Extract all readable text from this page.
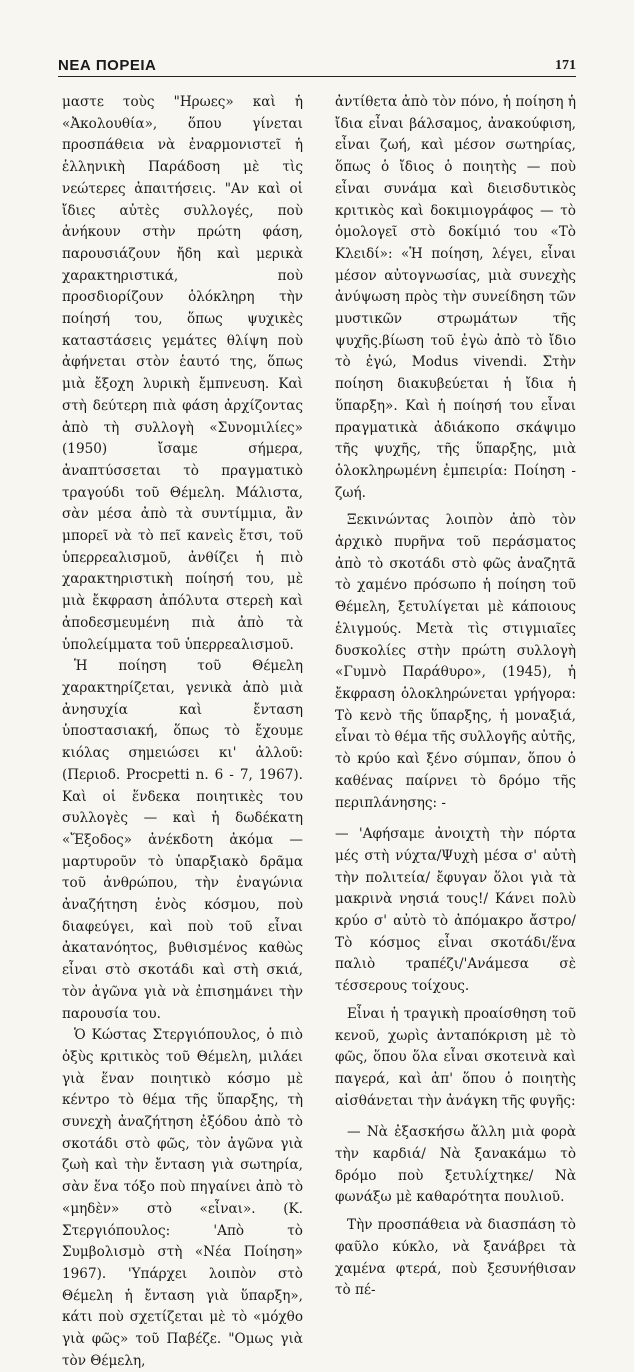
ΝΕΑ ΠΟΡΕΙΑ	171

μαστε τοὺς "Ηρωες» καὶ ἡ «Ἀκολουθία», ὅπου γίνεται προσπάθεια νὰ ἐναρμονιστεῖ ἡ ἑλληνικὴ Παράδοση μὲ τὶς νεώτερες ἀπαιτήσεις. "Αν καὶ οἱ ἴδιες αὐτὲς συλλογές, ποὺ ἀνήκουν στὴν πρώτη φάση, παρουσιάζουν ἤδη καὶ μερικὰ χαρακτηριστικά, ποὺ προσδιορίζουν ὁλόκληρη τὴν ποίησή του, ὅπως ψυχικὲς καταστάσεις γεμάτες θλίψη ποὺ ἀφήνεται στὸν ἑαυτό της, ὅπως μιὰ ἔξοχη λυρικὴ ἔμπνευση. Καὶ στὴ δεύτερη πιὰ φάση ἀρχίζοντας ἀπὸ τὴ συλλογὴ «Συνομιλίες» (1950) ἴσαμε σήμερα, ἀναπτύσσεται τὸ πραγματικὸ τραγούδι τοῦ Θέμελη. Μάλιστα, σὰν μέσα ἀπὸ τὰ συντίμμια, ἂν μπορεῖ νὰ τὸ πεῖ κανεὶς ἔτσι, τοῦ ὑπερρεαλισμοῦ, ἀνθίζει ἡ πιὸ χαρακτηριστικὴ ποίησή του, μὲ μιὰ ἔκφραση ἀπόλυτα στερεὴ καὶ ἀποδεσμευμένη πιὰ ἀπὸ τὰ ὑπολείμματα τοῦ ὑπερρεαλισμοῦ.

Ἡ ποίηση τοῦ Θέμελη χαρακτηρίζεται, γενικὰ ἀπὸ μιὰ ἀνησυχία καὶ ἔνταση ὑποστασιακή, ὅπως τὸ ἔχουμε κιόλας σημειώσει κι' ἀλλοῦ: (Περιοδ. Procpetti n. 6 - 7, 1967). Καὶ οἱ ἕνδεκα ποιητικὲς του συλλογὲς — καὶ ἡ δωδέκατη «Ἔξοδος» ἀνέκδοτη ἀκόμα — μαρτυροῦν τὸ ὑπαρξιακὸ δρᾶμα τοῦ ἀνθρώπου, τὴν ἐναγώνια ἀναζήτηση ἑνὸς κόσμου, ποὺ διαφεύγει, καὶ ποὺ τοῦ εἶναι ἀκατανόητος, βυθισμένος καθὼς εἶναι στὸ σκοτάδι καὶ στὴ σκιά, τὸν ἀγῶνα γιὰ νὰ ἐπισημάνει τὴν παρουσία του.

Ὁ Κώστας Στεργιόπουλος, ὁ πιὸ ὀξὺς κριτικὸς τοῦ Θέμελη, μιλάει γιὰ ἕναν ποιητικὸ κόσμο μὲ κέντρο τὸ θέμα τῆς ὕπαρξης, τὴ συνεχὴ ἀναζήτηση ἐξόδου ἀπὸ τὸ σκοτάδι στὸ φῶς, τὸν ἀγῶνα γιὰ ζωὴ καὶ τὴν ἔνταση γιὰ σωτηρία, σὰν ἕνα τόξο ποὺ πηγαίνει ἀπὸ τὸ «μηδὲν» στὸ «εἶναι». (Κ. Στεργιόπουλος: 'Απὸ τὸ Συμβολισμὸ στὴ «Νέα Ποίηση» 1967). 'Υπάρχει λοιπὸν στὸ Θέμελη ἡ ἔνταση γιὰ ὕπαρξη», κάτι ποὺ σχετίζεται μὲ τὸ «μόχθο γιὰ φῶς» τοῦ Παβέζε. "Ομως γιὰ τὸν Θέμελη,

ἀντίθετα ἀπὸ τὸν πόνο, ἡ ποίηση ἡ ἴδια εἶναι βάλσαμος, ἀνακούφιση, εἶναι ζωή, καὶ μέσον σωτηρίας, ὅπως ὁ ἴδιος ὁ ποιητὴς — ποὺ εἶναι συνάμα καὶ διεισδυτικὸς κριτικὸς καὶ δοκιμιογράφος — τὸ ὁμολογεῖ στὸ δοκίμιό του «Τὸ Κλειδί»: «Ἡ ποίηση, λέγει, εἶναι μέσον αὐτογνωσίας, μιὰ συνεχὴς ἀνύψωση πρὸς τὴν συνείδηση τῶν μυστικῶν στρωμάτων τῆς ψυχῆς.βίωση τοῦ ἐγὼ ἀπὸ τὸ ἴδιο τὸ ἐγώ, Modus vivendi. Στὴν ποίηση διακυβεύεται ἡ ἴδια ἡ ὕπαρξη». Καὶ ἡ ποίησή του εἶναι πραγματικὰ ἀδιάκοπο σκάψιμο τῆς ψυχῆς, τῆς ὕπαρξης, μιὰ ὁλοκληρωμένη ἐμπειρία: Ποίηση - ζωή.

Ξεκινώντας λοιπὸν ἀπὸ τὸν ἀρχικὸ πυρῆνα τοῦ περάσματος ἀπὸ τὸ σκοτάδι στὸ φῶς ἀναζητᾶ τὸ χαμένο πρόσωπο ἡ ποίηση τοῦ Θέμελη, ξετυλίγεται μὲ κάποιους ἑλιγμούς. Μετὰ τὶς στιγμιαῖες δυσκολίες στὴν πρώτη συλλογὴ «Γυμνὸ Παράθυρο», (1945), ἡ ἔκφραση ὁλοκληρώνεται γρήγορα: Τὸ κενὸ τῆς ὕπαρξης, ἡ μοναξιά, εἶναι τὸ θέμα τῆς συλλογῆς αὐτῆς, τὸ κρύο καὶ ξένο σύμπαν, ὅπου ὁ καθένας παίρνει τὸ δρόμο τῆς περιπλάνησης: -

— 'Αφήσαμε ἀνοιχτὴ τὴν πόρτα μές στὴ νύχτα/Ψυχὴ μέσα σ' αὐτὴ τὴν πολιτεία/ ἔφυγαν ὅλοι γιὰ τὰ μακρινὰ νησιά τους!/ Κάνει πολὺ κρύο σ' αὐτὸ τὸ ἀπόμακρο ἄστρο/ Τὸ κόσμος εἶναι σκοτάδι/ἕνα παλιὸ τραπέζι/'Ανάμεσα σὲ τέσσερους τοίχους.

Εἶναι ἡ τραγικὴ προαίσθηση τοῦ κενοῦ, χωρὶς ἀνταπόκριση μὲ τὸ φῶς, ὅπου ὅλα εἶναι σκοτεινὰ καὶ παγερά, καὶ ἀπ' ὅπου ὁ ποιητὴς αἰσθάνεται τὴν ἀνάγκη τῆς φυγῆς:

— Νὰ ἐξασκήσω ἄλλη μιὰ φορὰ τὴν καρδιά/ Νὰ ξανακάμω τὸ δρόμο ποὺ ξετυλίχτηκε/ Νὰ φωνάξω μὲ καθαρότητα πουλιοῦ.

Τὴν προσπάθεια νὰ διασπάση τὸ φαῦλο κύκλο, νὰ ξανάβρει τὰ χαμένα φτερά, ποὺ ξεσυνήθισαν τὸ πέ-
